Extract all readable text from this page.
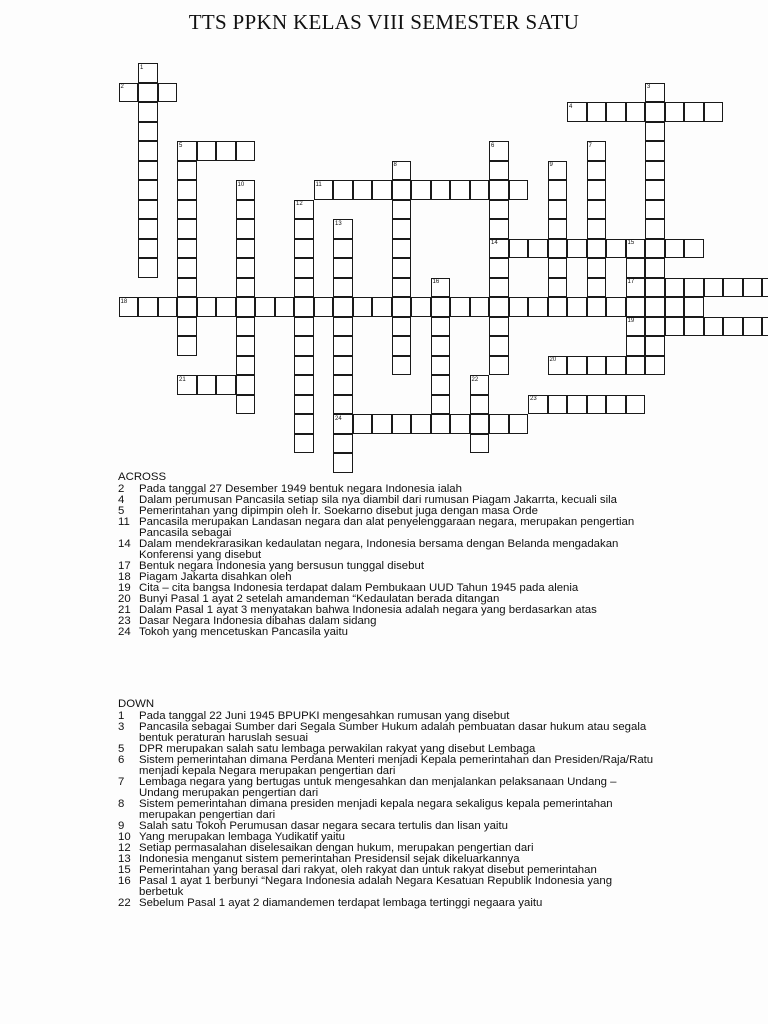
TTS PPKN KELAS VIII SEMESTER SATU
1
2	3
4
5	6	7
8	9
10	11
12
13
14	15
16	17
18
19
20
21	22
23
24
ACROSS
2	Pada tanggal 27 Desember 1949 bentuk negara Indonesia ialah
4	Dalam perumusan Pancasila setiap sila nya diambil dari rumusan Piagam Jakarrta, kecuali sila
5	Pemerintahan yang dipimpin oleh Ir. Soekarno disebut juga dengan masa Orde
11 Pancasila merupakan Landasan negara dan alat penyelenggaraan negara, merupakan pengertian Pancasila sebagai
14 Dalam mendekrarasikan kedaulatan negara, Indonesia bersama dengan Belanda mengadakan Konferensi yang disebut
17 Bentuk negara Indonesia yang bersusun tunggal disebut
18 Piagam Jakarta disahkan oleh
19 Cita – cita bangsa Indonesia terdapat dalam Pembukaan UUD Tahun 1945 pada alenia
20 Bunyi Pasal 1 ayat 2 setelah amandeman “Kedaulatan berada ditangan
21 Dalam Pasal 1 ayat 3 menyatakan bahwa Indonesia adalah negara yang berdasarkan atas
23 Dasar Negara Indonesia dibahas dalam sidang
24 Tokoh yang mencetuskan Pancasila yaitu
DOWN
1	Pada tanggal 22 Juni 1945 BPUPKI mengesahkan rumusan yang disebut
3	Pancasila sebagai Sumber dari Segala Sumber Hukum adalah pembuatan dasar hukum atau segala bentuk peraturan haruslah sesuai
5	DPR merupakan salah satu lembaga perwakilan rakyat yang disebut Lembaga
6	Sistem pemerintahan dimana Perdana Menteri menjadi Kepala pemerintahan dan Presiden/Raja/Ratu menjadi kepala Negara merupakan pengertian dari
7	Lembaga negara yang bertugas untuk mengesahkan dan menjalankan pelaksanaan Undang – Undang merupakan pengertian dari
8	Sistem pemerintahan dimana presiden menjadi kepala negara sekaligus kepala pemerintahan merupakan pengertian dari
9	Salah satu Tokoh Perumusan dasar negara secara tertulis dan lisan yaitu
10 Yang merupakan lembaga Yudikatif yaitu
12 Setiap permasalahan diselesaikan dengan hukum, merupakan pengertian dari
13 Indonesia menganut sistem pemerintahan Presidensil sejak dikeluarkannya
15 Pemerintahan yang berasal dari rakyat, oleh rakyat dan untuk rakyat disebut pemerintahan
16 Pasal 1 ayat 1 berbunyi “Negara Indonesia adalah Negara Kesatuan Republik Indonesia yang berbetuk
22 Sebelum Pasal 1 ayat 2 diamandemen terdapat lembaga tertinggi negaara yaitu
